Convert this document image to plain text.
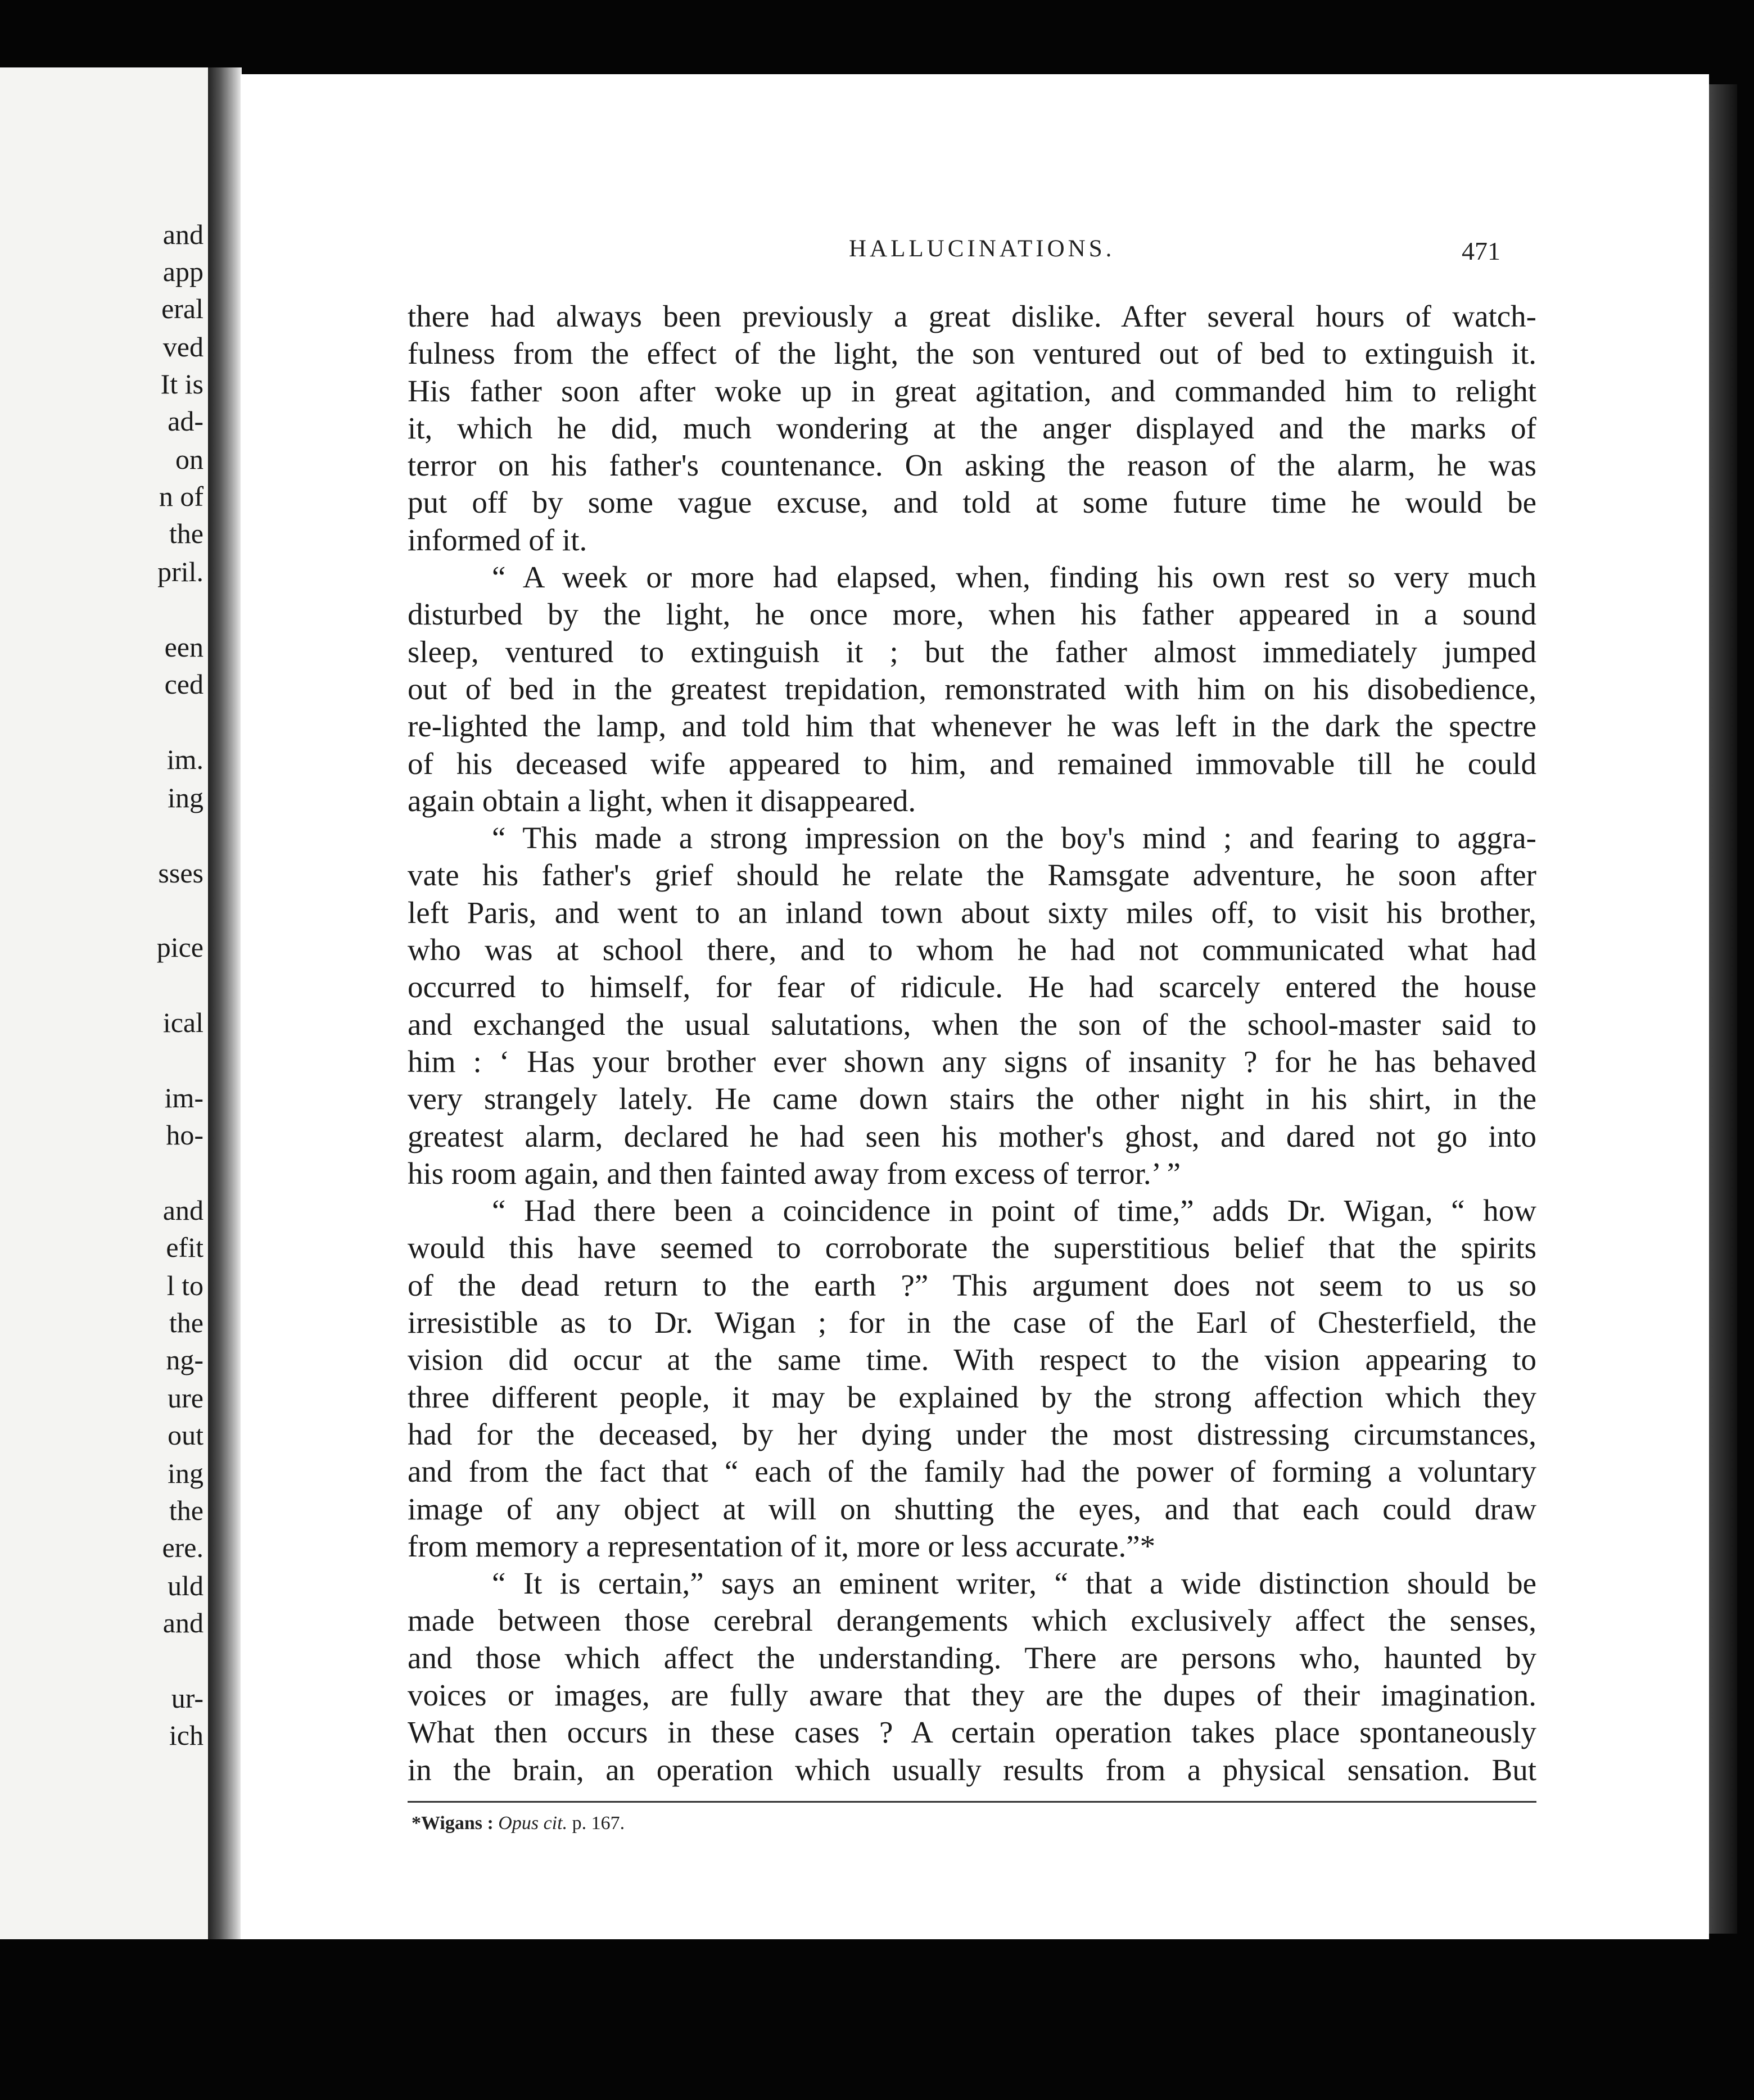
and
app
eral
ved
It is
ad-
on
n of
the
pril.
een
ced
im.
ing
sses
pice
ical
im-
ho-
and
efit
l to
the
ng-
ure
out
ing
the
ere.
uld
and
ur-
ich
HALLUCINATIONS.	471
there had always been previously a great dislike. After several hours of watch-
fulness from the effect of the light, the son ventured out of bed to extinguish it.
His father soon after woke up in great agitation, and commanded him to relight
it, which he did, much wondering at the anger displayed and the marks of
terror on his father's countenance. On asking the reason of the alarm, he was
put off by some vague excuse, and told at some future time he would be
informed of it.
“ A week or more had elapsed, when, finding his own rest so very much
disturbed by the light, he once more, when his father appeared in a sound
sleep, ventured to extinguish it ; but the father almost immediately jumped
out of bed in the greatest trepidation, remonstrated with him on his disobedience,
re-lighted the lamp, and told him that whenever he was left in the dark the spectre
of his deceased wife appeared to him, and remained immovable till he could
again obtain a light, when it disappeared.
“ This made a strong impression on the boy's mind ; and fearing to aggra-
vate his father's grief should he relate the Ramsgate adventure, he soon after
left Paris, and went to an inland town about sixty miles off, to visit his brother,
who was at school there, and to whom he had not communicated what had
occurred to himself, for fear of ridicule. He had scarcely entered the house
and exchanged the usual salutations, when the son of the school-master said to
him : ‘ Has your brother ever shown any signs of insanity ? for he has behaved
very strangely lately. He came down stairs the other night in his shirt, in the
greatest alarm, declared he had seen his mother's ghost, and dared not go into
his room again, and then fainted away from excess of terror.’ ”
“ Had there been a coincidence in point of time,” adds Dr. Wigan, “ how
would this have seemed to corroborate the superstitious belief that the spirits
of the dead return to the earth ?” This argument does not seem to us so
irresistible as to Dr. Wigan ; for in the case of the Earl of Chesterfield, the
vision did occur at the same time. With respect to the vision appearing to
three different people, it may be explained by the strong affection which they
had for the deceased, by her dying under the most distressing circumstances,
and from the fact that “ each of the family had the power of forming a voluntary
image of any object at will on shutting the eyes, and that each could draw
from memory a representation of it, more or less accurate.”*
“ It is certain,” says an eminent writer, “ that a wide distinction should be
made between those cerebral derangements which exclusively affect the senses,
and those which affect the understanding. There are persons who, haunted by
voices or images, are fully aware that they are the dupes of their imagination.
What then occurs in these cases ? A certain operation takes place spontaneously
in the brain, an operation which usually results from a physical sensation. But
*Wigans : Opus cit. p. 167.
